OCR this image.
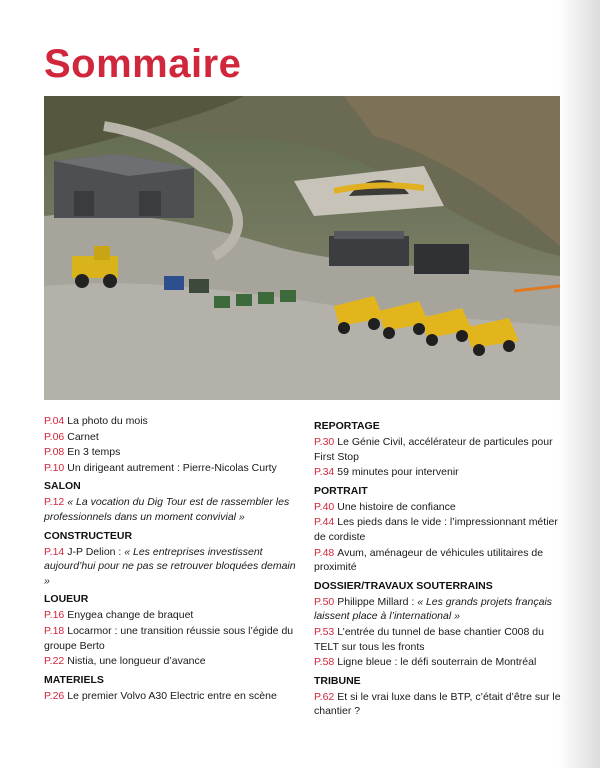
Sommaire

P.04 La photo du mois

P.06 Carnet

P.08 En 3 temps

P.10 Un dirigeant autrement : Pierre-Nicolas Curty

SALON

P.12 « La vocation du Dig Tour est de rassembler les professionnels dans un moment convivial »

CONSTRUCTEUR

P.14 J-P Delion : « Les entreprises investissent aujourd’hui pour ne pas se retrouver bloquées demain »

LOUEUR

P.16 Enygea change de braquet

P.18 Locarmor : une transition réussie sous l’égide du groupe Berto

P.22 Nistia, une longueur d’avance

MATERIELS

P.26 Le premier Volvo A30 Electric entre en scène

REPORTAGE

P.30 Le Génie Civil, accélérateur de particules pour First Stop

P.34 59 minutes pour intervenir

PORTRAIT

P.40 Une histoire de confiance

P.44 Les pieds dans le vide : l’impressionnant métier de cordiste

P.48 Avum, aménageur de véhicules utilitaires de proximité

DOSSIER/TRAVAUX SOUTERRAINS

P.50 Philippe Millard : « Les grands projets français laissent place à l’international »

P.53 L’entrée du tunnel de base chantier C008 du TELT sur tous les fronts

P.58 Ligne bleue : le défi souterrain de Montréal

TRIBUNE

P.62 Et si le vrai luxe dans le BTP, c’était d’être sur le chantier ?
